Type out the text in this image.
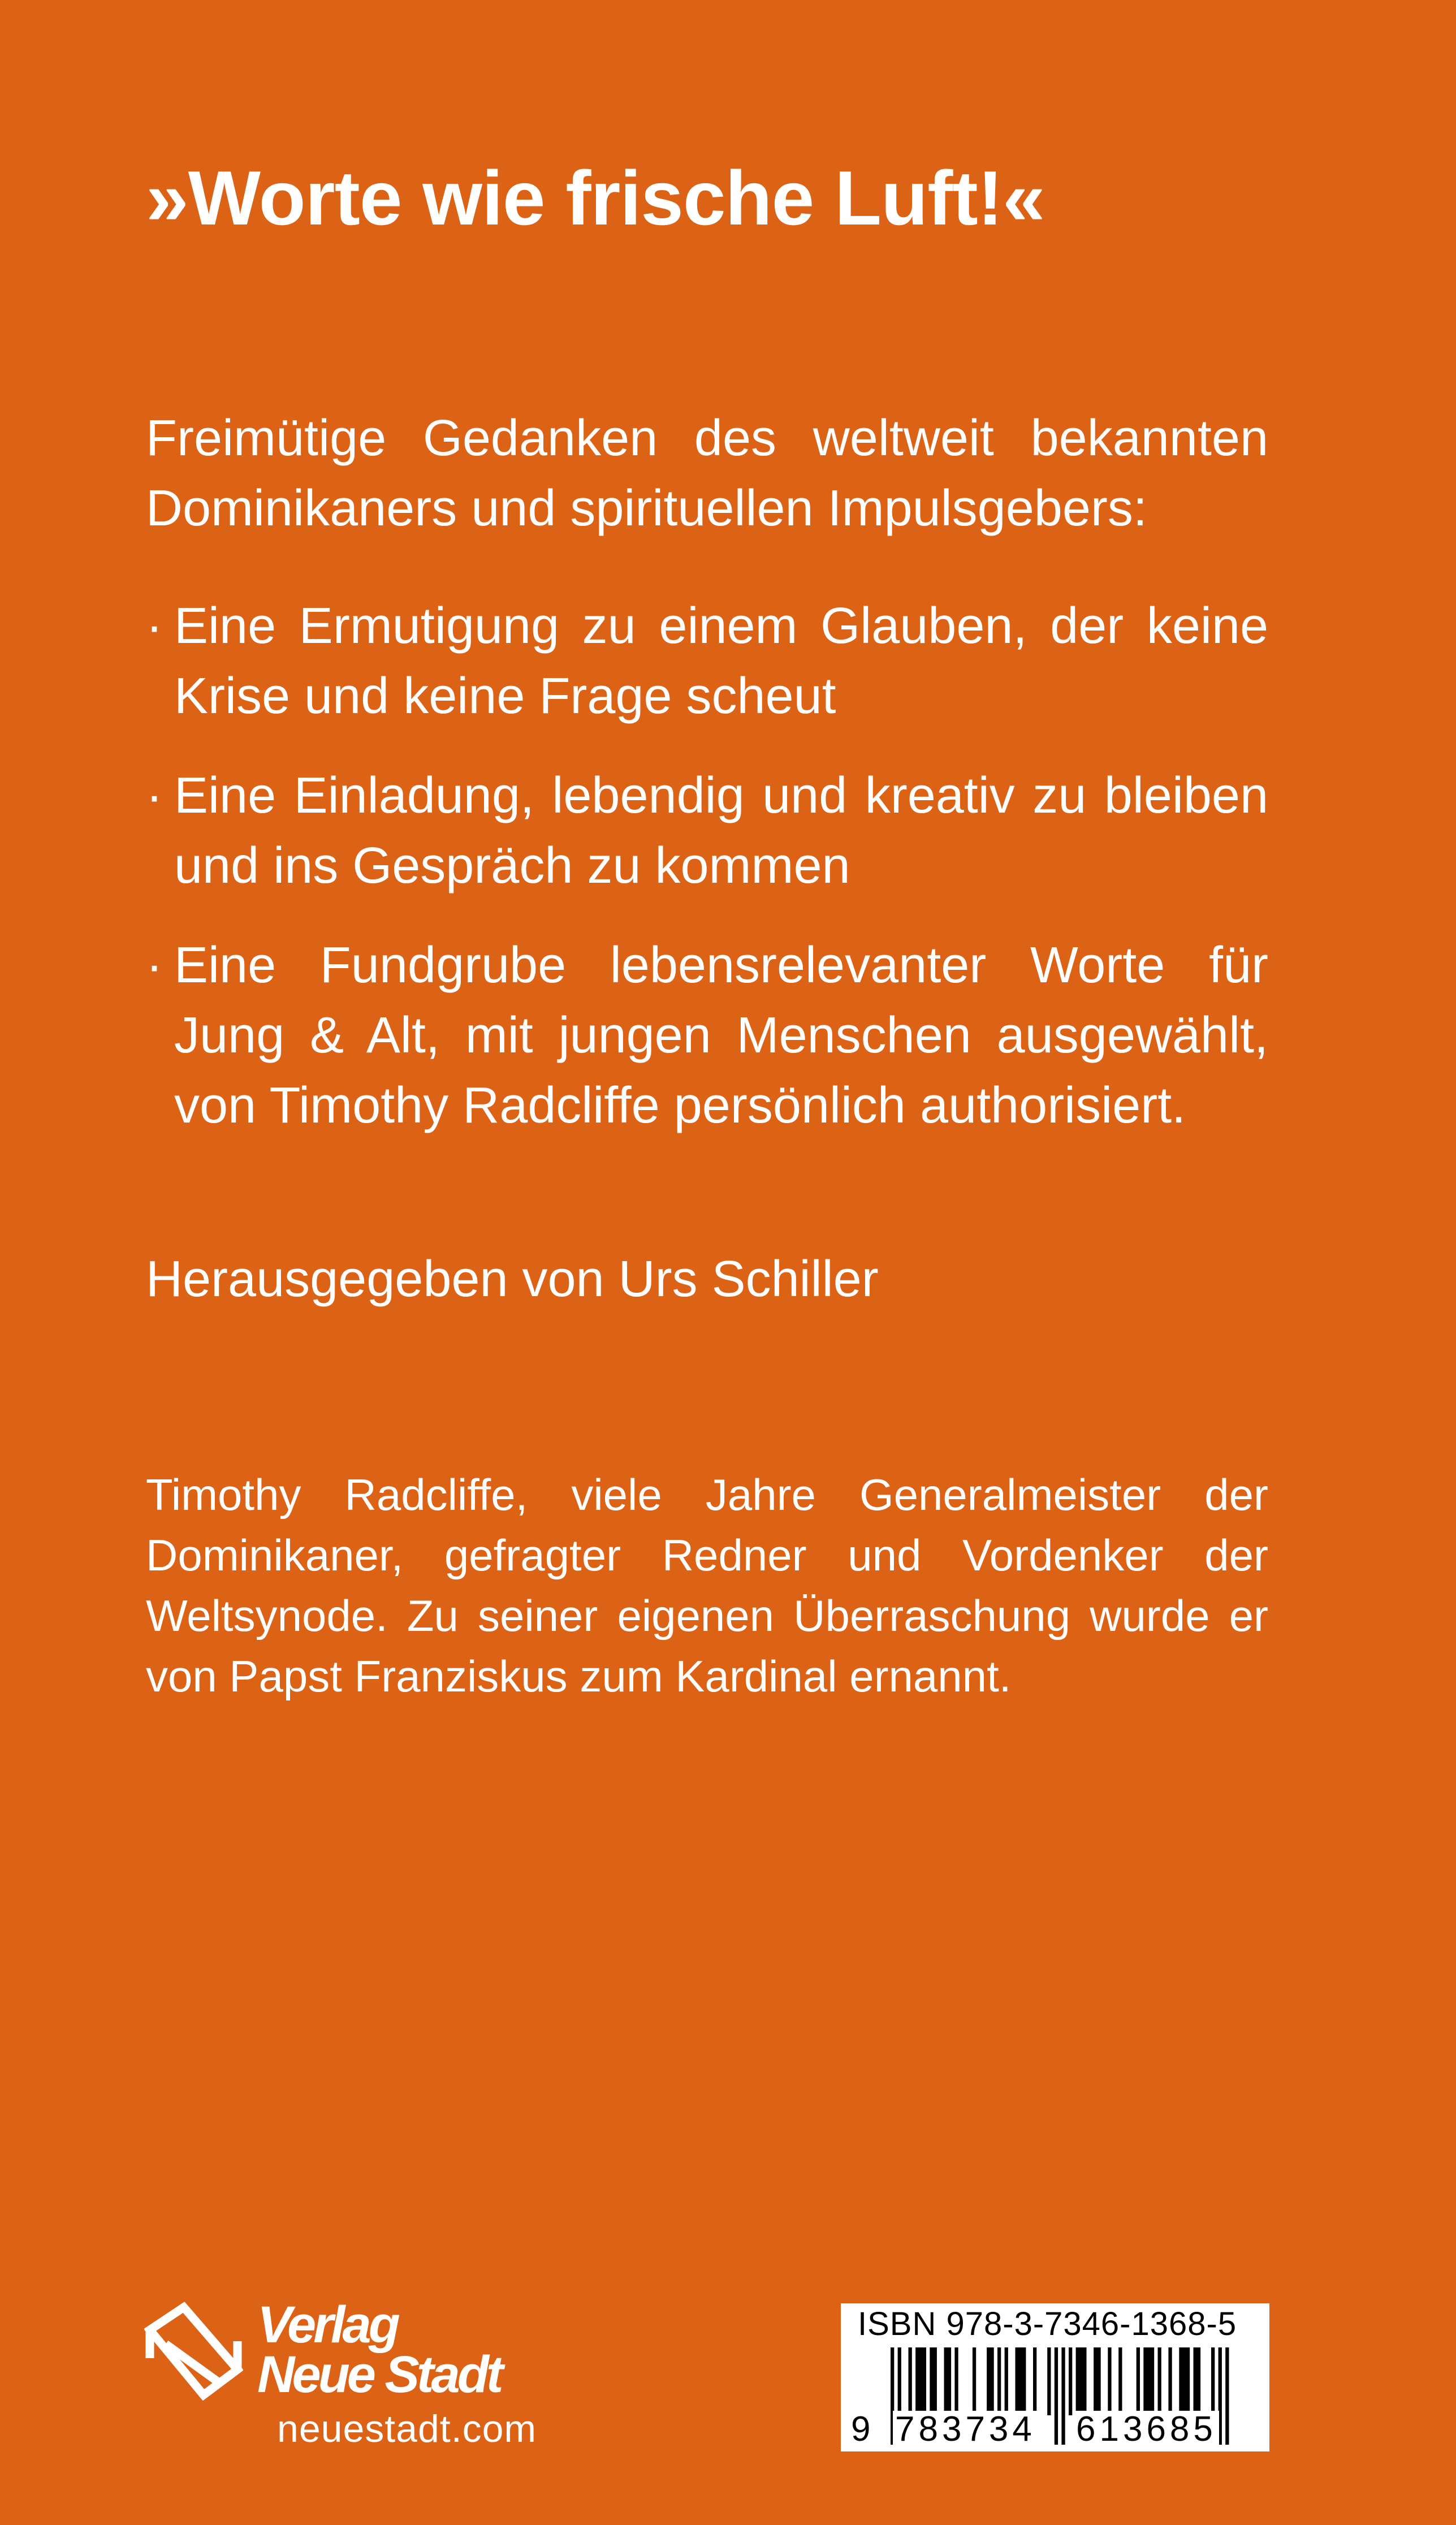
»Worte wie frische Luft!«
Freimütige Gedanken des weltweit bekannten Dominikaners und spirituellen Impulsgebers:
· Eine Ermutigung zu einem Glauben, der keine Krise und keine Frage scheut
· Eine Einladung, lebendig und kreativ zu bleiben und ins Gespräch zu kommen
· Eine Fundgrube lebensrelevanter Worte für Jung & Alt, mit jungen Menschen ausgewählt, von Timothy Radcliffe persönlich authorisiert.
Herausgegeben von Urs Schiller
Timothy Radcliffe, viele Jahre Generalmeister der Dominikaner, gefragter Redner und Vordenker der Weltsynode. Zu seiner eigenen Überraschung wurde er von Papst Franziskus zum Kardinal ernannt.
Verlag
Neue Stadt
neuestadt.com
ISBN 978-3-7346-1368-5
9 783734 613685
